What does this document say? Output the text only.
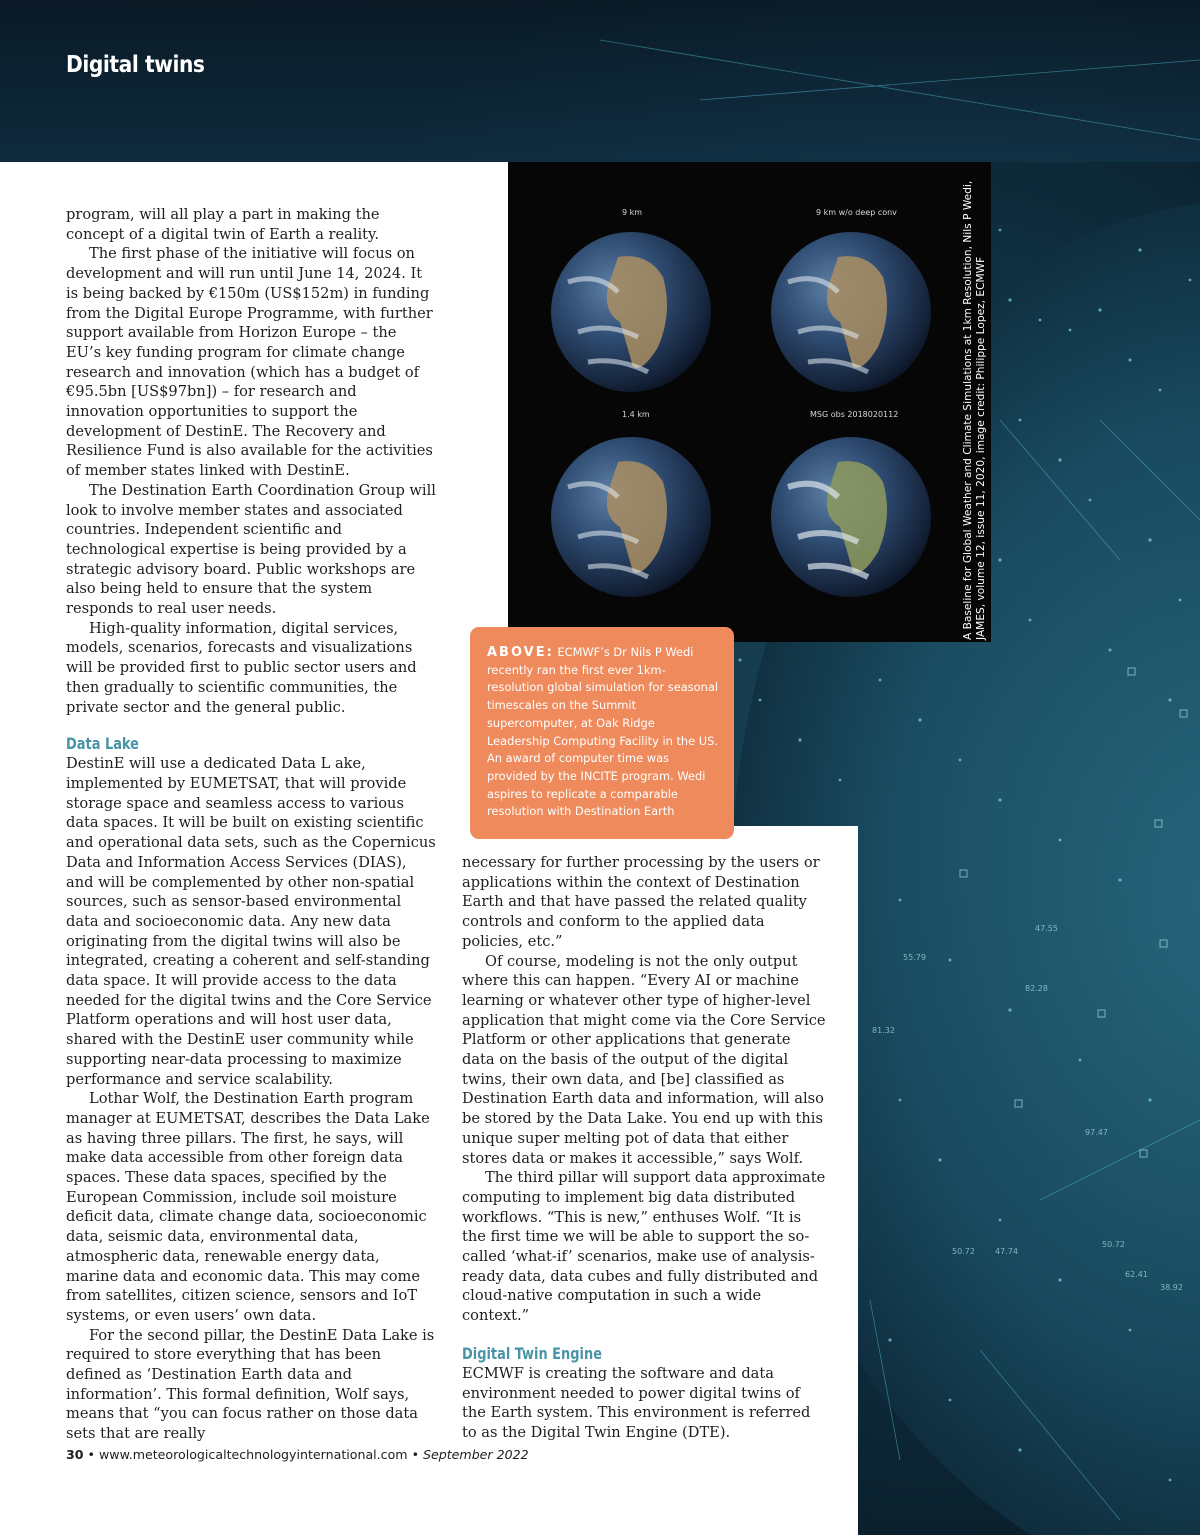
47.55
82.28
50.72
47.74
50.72
38.92
62.41
97.47
81.32
55.79
Digital twins
9 km	9 km w/o deep conv
1.4 km	MSG obs 2018020112	A Baseline for Global Weather and Climate Simulations at 1km Resolution, Nils P Wedi, JAMES, volume 12, issue 11, 2020, image credit: Philippe Lopez, ECMWF
ABOVE: ECMWF’s Dr Nils P Wedi recently ran the first ever 1km-resolution global simulation for seasonal timescales on the Summit supercomputer, at Oak Ridge Leadership Computing Facility in the US. An award of computer time was provided by the INCITE program. Wedi aspires to replicate a comparable resolution with Destination Earth

program, will all play a part in making the concept of a digital twin of Earth a reality.

The first phase of the initiative will focus on development and will run until June 14, 2024. It is being backed by €150m (US$152m) in funding from the Digital Europe Programme, with further support available from Horizon Europe – the EU’s key funding program for climate change research and innovation (which has a budget of €95.5bn [US$97bn]) – for research and innovation opportunities to support the development of DestinE. The Recovery and Resilience Fund is also available for the activities of member states linked with DestinE.

The Destination Earth Coordination Group will look to involve member states and associated countries. Independent scientific and technological expertise is being provided by a strategic advisory board. Public workshops are also being held to ensure that the system responds to real user needs.

High-quality information, digital services, models, scenarios, forecasts and visualizations will be provided first to public sector users and then gradually to scientific communities, the private sector and the general public.

Data Lake

DestinE will use a dedicated Data L ake, implemented by EUMETSAT, that will provide storage space and seamless access to various data spaces. It will be built on existing scientific and operational data sets, such as the Copernicus Data and Information Access Services (DIAS), and will be complemented by other non-spatial sources, such as sensor-based environmental data and socioeconomic data. Any new data originating from the digital twins will also be integrated, creating a coherent and self-standing data space. It will provide access to the data needed for the digital twins and the Core Service Platform operations and will host user data, shared with the DestinE user community while supporting near-data processing to maximize performance and service scalability.

Lothar Wolf, the Destination Earth program manager at EUMETSAT, describes the Data Lake as having three pillars. The first, he says, will make data accessible from other foreign data spaces. These data spaces, specified by the European Commission, include soil moisture deficit data, climate change data, socioeconomic data, seismic data, environmental data, atmospheric data, renewable energy data, marine data and economic data. This may come from satellites, citizen science, sensors and IoT systems, or even users’ own data.

For the second pillar, the DestinE Data Lake is required to store everything that has been defined as ‘Destination Earth data and information’. This formal definition, Wolf says, means that “you can focus rather on those data sets that are really

necessary for further processing by the users or applications within the context of Destination Earth and that have passed the related quality controls and conform to the applied data policies, etc.”

Of course, modeling is not the only output where this can happen. “Every AI or machine learning or whatever other type of higher-level application that might come via the Core Service Platform or other applications that generate data on the basis of the output of the digital twins, their own data, and [be] classified as Destination Earth data and information, will also be stored by the Data Lake. You end up with this unique super melting pot of data that either stores data or makes it accessible,” says Wolf.

The third pillar will support data approximate computing to implement big data distributed workflows. “This is new,” enthuses Wolf. “It is the first time we will be able to support the so-called ‘what-if’ scenarios, make use of analysis-ready data, data cubes and fully distributed and cloud-native computation in such a wide context.”

Digital Twin Engine

ECMWF is creating the software and data environment needed to power digital twins of the Earth system. This environment is referred to as the Digital Twin Engine (DTE).

30 • www.meteorologicaltechnologyinternational.com • September 2022
